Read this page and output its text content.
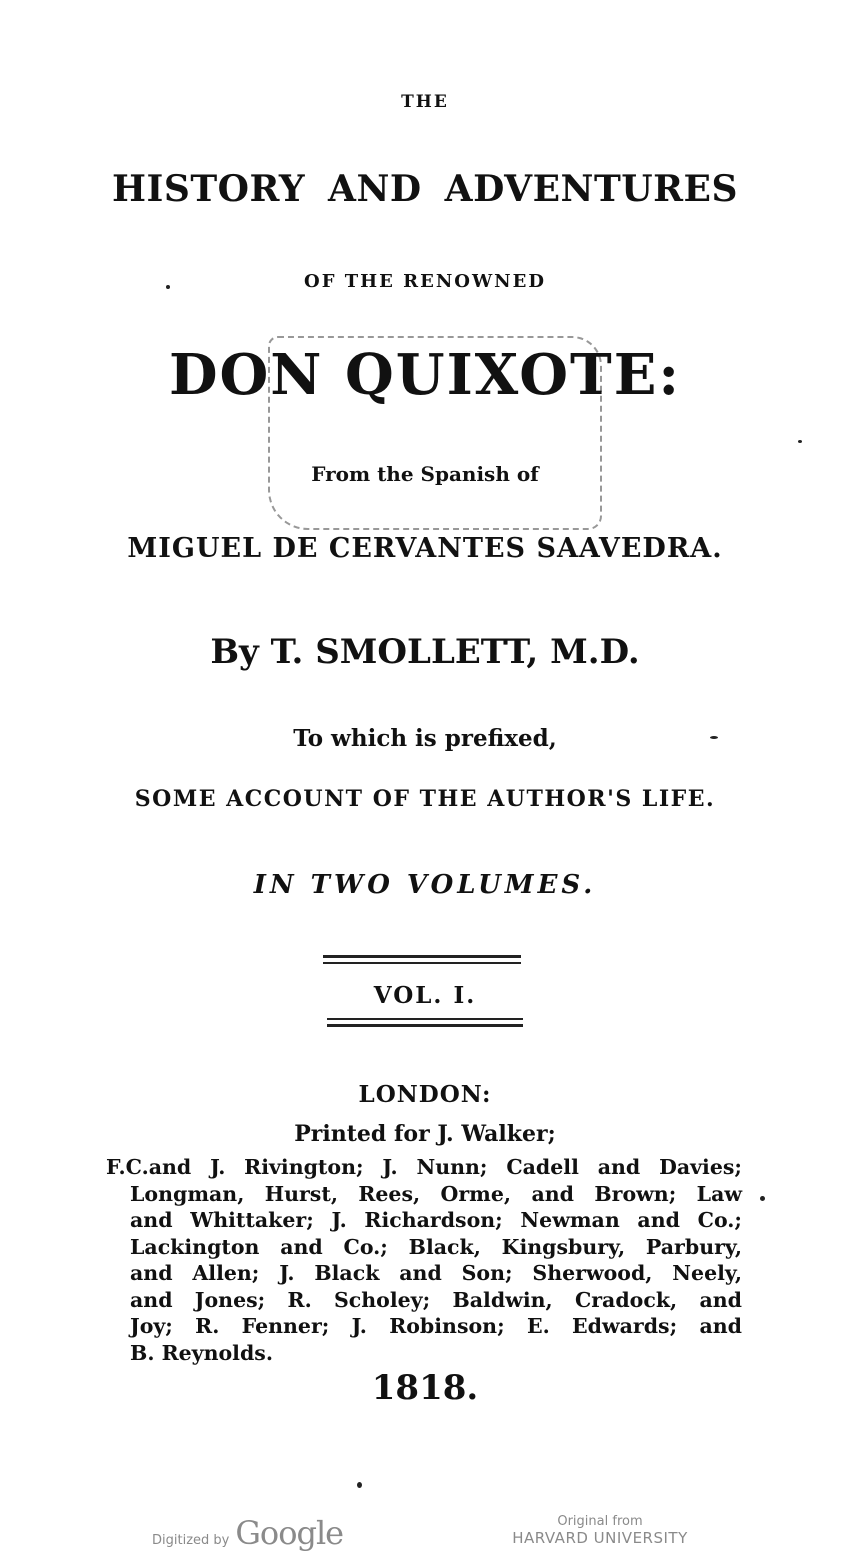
THE
HISTORY AND ADVENTURES
OF THE RENOWNED
DON QUIXOTE:
From the Spanish of
MIGUEL DE CERVANTES SAAVEDRA.
By T. SMOLLETT, M.D.
To which is prefixed,
SOME ACCOUNT OF THE AUTHOR'S LIFE.
IN TWO VOLUMES.
VOL. I.
LONDON:
Printed for J. Walker;
F.C.and J. Rivington; J. Nunn; Cadell and Davies;
Longman, Hurst, Rees, Orme, and Brown; Law
and Whittaker; J. Richardson; Newman and Co.;
Lackington and Co.; Black, Kingsbury, Parbury,
and Allen; J. Black and Son; Sherwood, Neely,
and Jones; R. Scholey; Baldwin, Cradock, and
Joy; R. Fenner; J. Robinson; E. Edwards; and
B. Reynolds.
1818.
Digitized by Google	Original from
HARVARD UNIVERSITY
